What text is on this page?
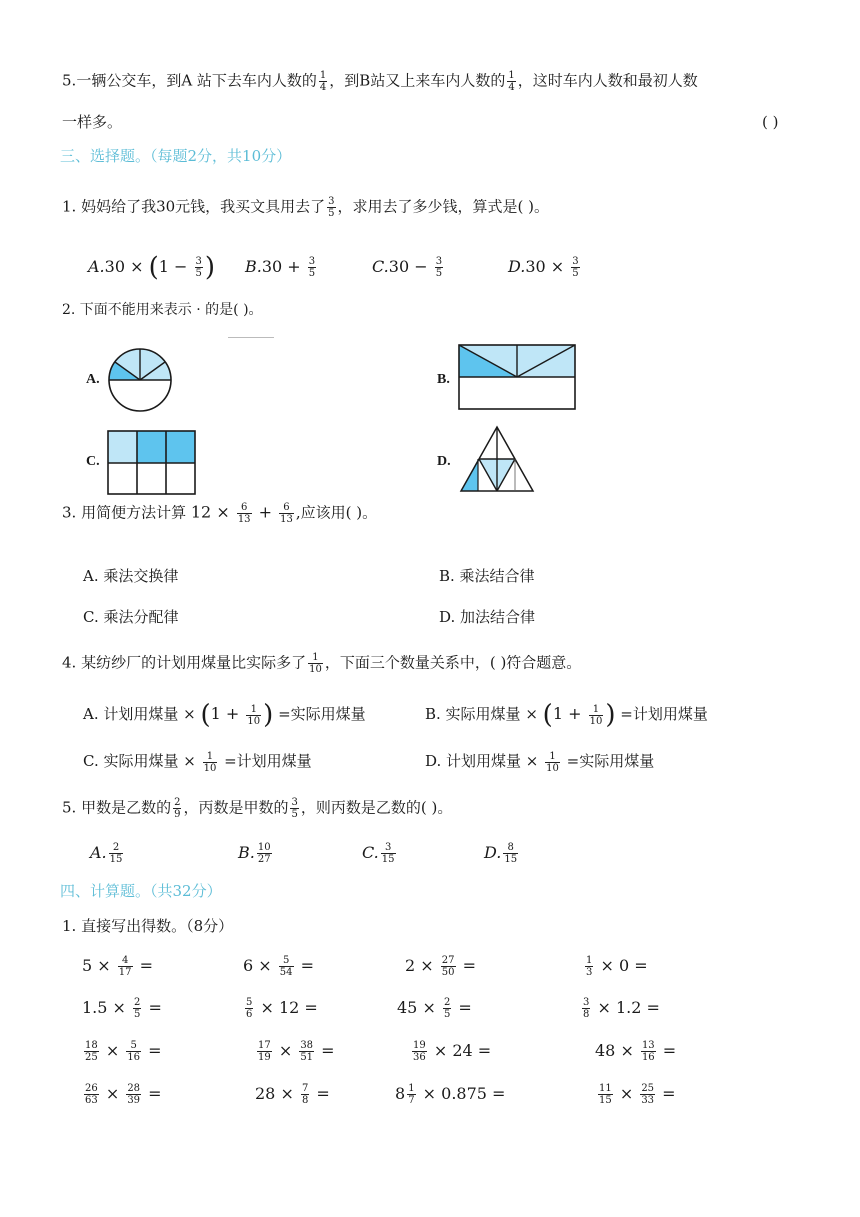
5.一辆公交车，到A 站下去车内人数的 $\frac{1}{4}$ ，到B站又上来车内人数的 $\frac{1}{4}$ ，这时车内人数和最初人数
一样多。	( )
三、选择题。（每题2分，共10分）
1. 妈妈给了我30元钱，我买文具用去了 $\frac{3}{5}$ ，求用去了多少钱，算式是( )。
$A.30 \times (1 - \frac{3}{5}$ ) $B.30 + \frac{3}{5}$	$C.30 - \frac{3}{5}$	$D.30 \times \frac{3}{5}$
2. 下面不能用来表示 · 的是( )。
A.	B.
C.	D.
3. 用简便方法计算 $12 \times \frac{6}{13} + \frac{6}{13}$ ,应该用( )。
A. 乘法交换律	B. 乘法结合律
C. 乘法分配律	D. 加法结合律
4. 某纺纱厂的计划用煤量比实际多了 $\frac{1}{10}$ ，下面三个数量关系中，( )符合题意。
A. 计划用煤量 × ($1 + \frac{1}{10}$ ) =实际用煤量	B. 实际用煤量 × ($1 + \frac{1}{10}$ ) =计划用煤量
C. 实际用煤量 × $\frac{1}{10}$ =计划用煤量	D. 计划用煤量 × $\frac{1}{10}$ =实际用煤量
5. 甲数是乙数的 $\frac{2}{9}$ ，丙数是甲数的 $\frac{3}{5}$ ，则丙数是乙数的( )。
A. $\frac{2}{15}$	B. $\frac{10}{27}$	C. $\frac{3}{15}$	D. $\frac{8}{15}$
四、计算题。（共32分）
1. 直接写出得数。（8分）
$5 \times \frac{4}{17}$ =	$6 \times \frac{5}{54}$ =	$2 \times \frac{27}{50}$ =	$\frac{1}{3} \times 0$ =
$1.5 \times \frac{2}{5}$ =	$\frac{5}{6} \times 12$ =	$45 \times \frac{2}{5}$ =	$\frac{3}{8} \times 1.2$ =
$\frac{18}{25} \times \frac{5}{16}$ =	$\frac{17}{19} \times \frac{38}{51}$ =	$\frac{19}{36} \times 24$ =	$48 \times \frac{13}{16}$ =
$\frac{26}{63} \times \frac{28}{39}$ =	$28 \times \frac{7}{8}$ =	$8 \frac{1}{7} \times 0.875$ =	$\frac{11}{15} \times \frac{25}{33}$ =
